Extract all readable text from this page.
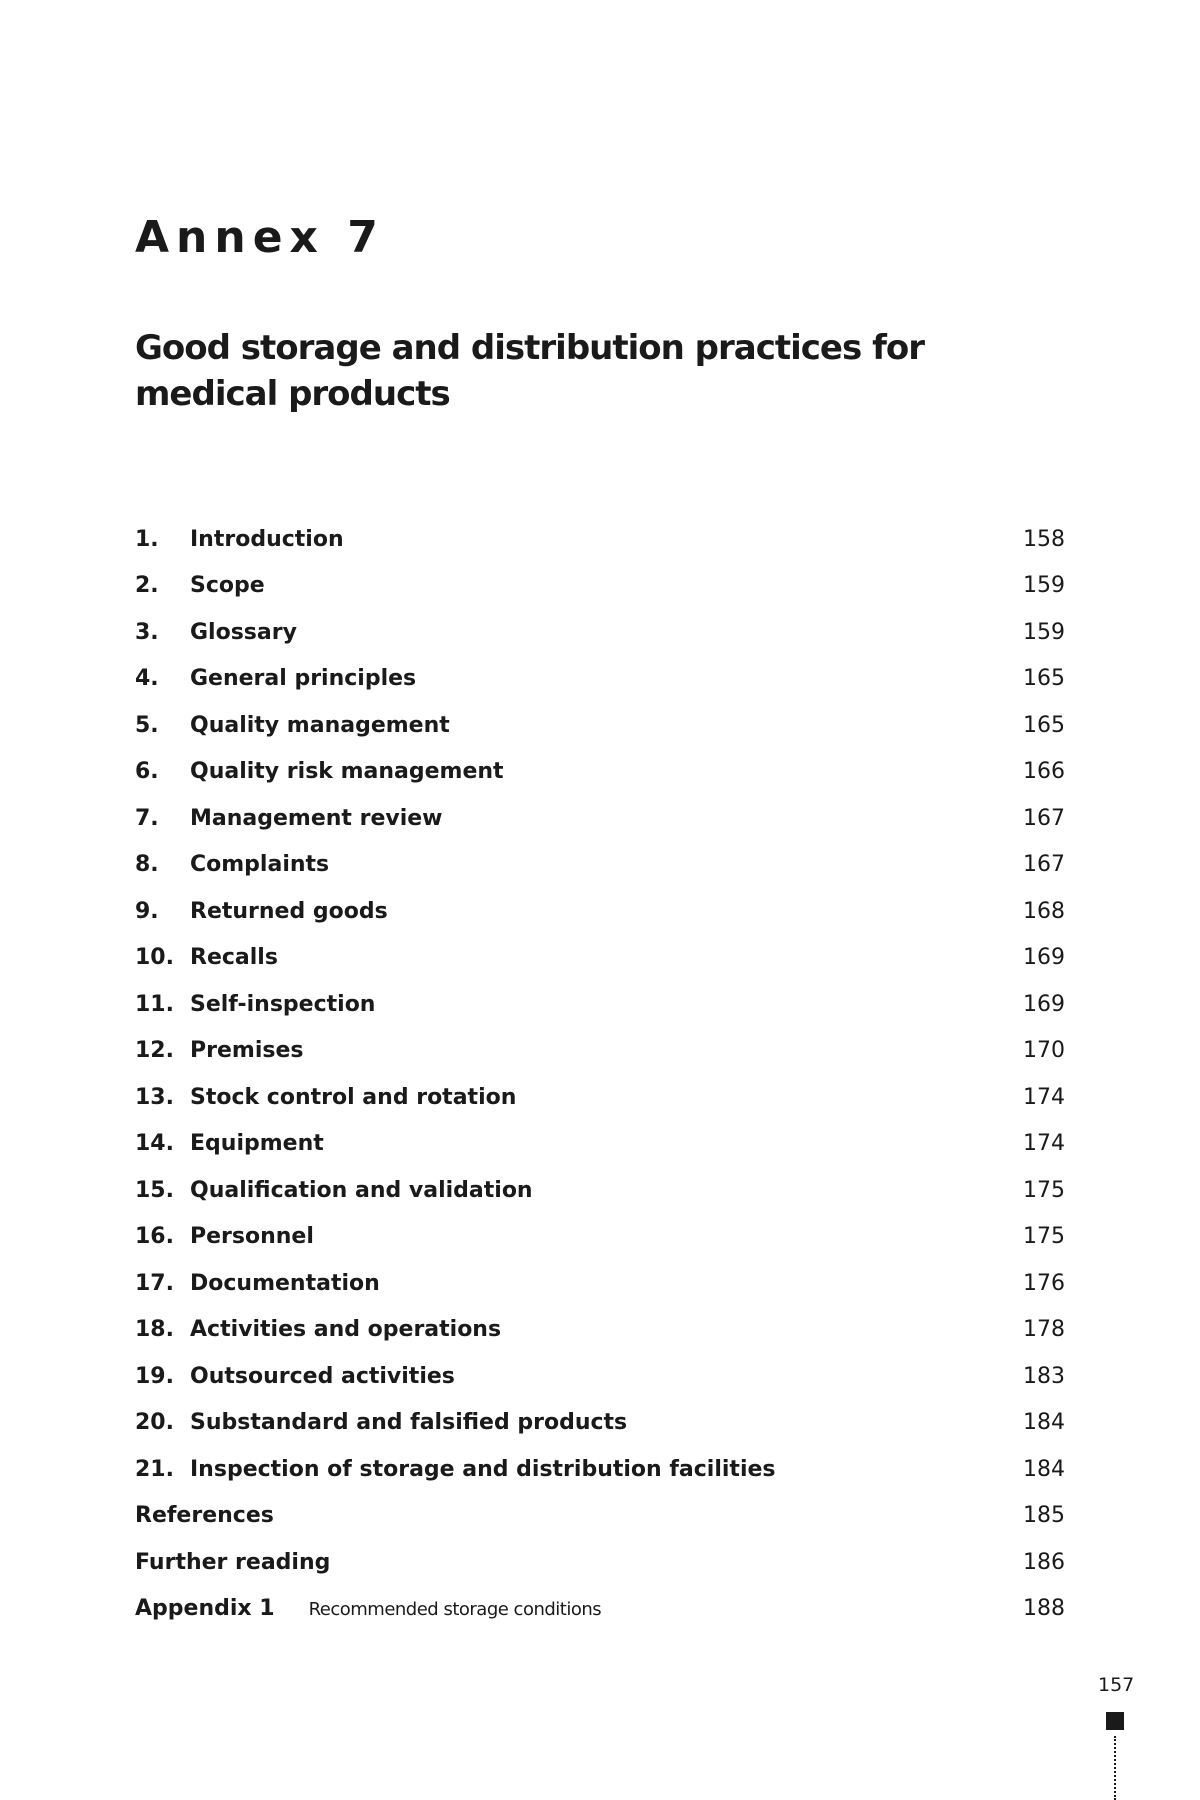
Annex 7
Good storage and distribution practices for medical products
1.	Introduction	158
2.	Scope	159
3.	Glossary	159
4.	General principles	165
5.	Quality management	165
6.	Quality risk management	166
7.	Management review	167
8.	Complaints	167
9.	Returned goods	168
10. Recalls	169
11. Self-inspection	169
12. Premises	170
13. Stock control and rotation	174
14. Equipment	174
15. Qualification and validation	175
16. Personnel	175
17. Documentation	176
18. Activities and operations	178
19. Outsourced activities	183
20. Substandard and falsified products	184
21. Inspection of storage and distribution facilities	184
References	185
Further reading	186
Appendix 1 Recommended storage conditions	188
157
